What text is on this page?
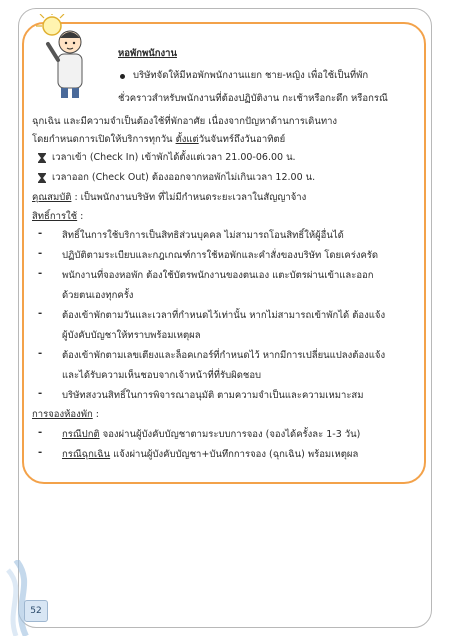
หอพักพนักงาน
บริษัทจัดให้มีหอพักพนักงานแยก ชาย-หญิง เพื่อใช้เป็นที่พัก
ชั่วคราวสำหรับพนักงานที่ต้องปฏิบัติงาน กะเช้าหรือกะดึก หรือกรณี
ฉุกเฉิน และมีความจำเป็นต้องใช้ที่พักอาศัย เนื่องจากปัญหาด้านการเดินทาง
โดยกำหนดการเปิดให้บริการทุกวัน ตั้งแต่วันจันทร์ถึงวันอาทิตย์
เวลาเข้า (Check In) เข้าพักได้ตั้งแต่เวลา 21.00-06.00 น.
เวลาออก (Check Out) ต้องออกจากหอพักไม่เกินเวลา 12.00 น.
คุณสมบัติ : เป็นพนักงานบริษัท ที่ไม่มีกำหนดระยะเวลาในสัญญาจ้าง
สิทธิ์การใช้ :
- สิทธิ์ในการใช้บริการเป็นสิทธิส่วนบุคคล ไม่สามารถโอนสิทธิ์ให้ผู้อื่นได้
- ปฏิบัติตามระเบียบและกฎเกณฑ์การใช้หอพักและคำสั่งของบริษัท โดยเคร่งครัด
- พนักงานที่จองหอพัก ต้องใช้บัตรพนักงานของตนเอง แตะบัตรผ่านเข้าและออก
ด้วยตนเองทุกครั้ง
- ต้องเข้าพักตามวันและเวลาที่กำหนดไว้เท่านั้น หากไม่สามารถเข้าพักได้ ต้องแจ้ง
ผู้บังคับบัญชาให้ทราบพร้อมเหตุผล
- ต้องเข้าพักตามเลขเตียงและล็อคเกอร์ที่กำหนดไว้ หากมีการเปลี่ยนแปลงต้องแจ้ง
และได้รับความเห็นชอบจากเจ้าหน้าที่ที่รับผิดชอบ
- บริษัทสงวนสิทธิ์ในการพิจารณาอนุมัติ ตามความจำเป็นและความเหมาะสม
การจองห้องพัก :
- กรณีปกติ จองผ่านผู้บังคับบัญชาตามระบบการจอง (จองได้ครั้งละ 1-3 วัน)
- กรณีฉุกเฉิน แจ้งผ่านผู้บังคับบัญชา+บันทึกการจอง (ฉุกเฉิน) พร้อมเหตุผล
52
